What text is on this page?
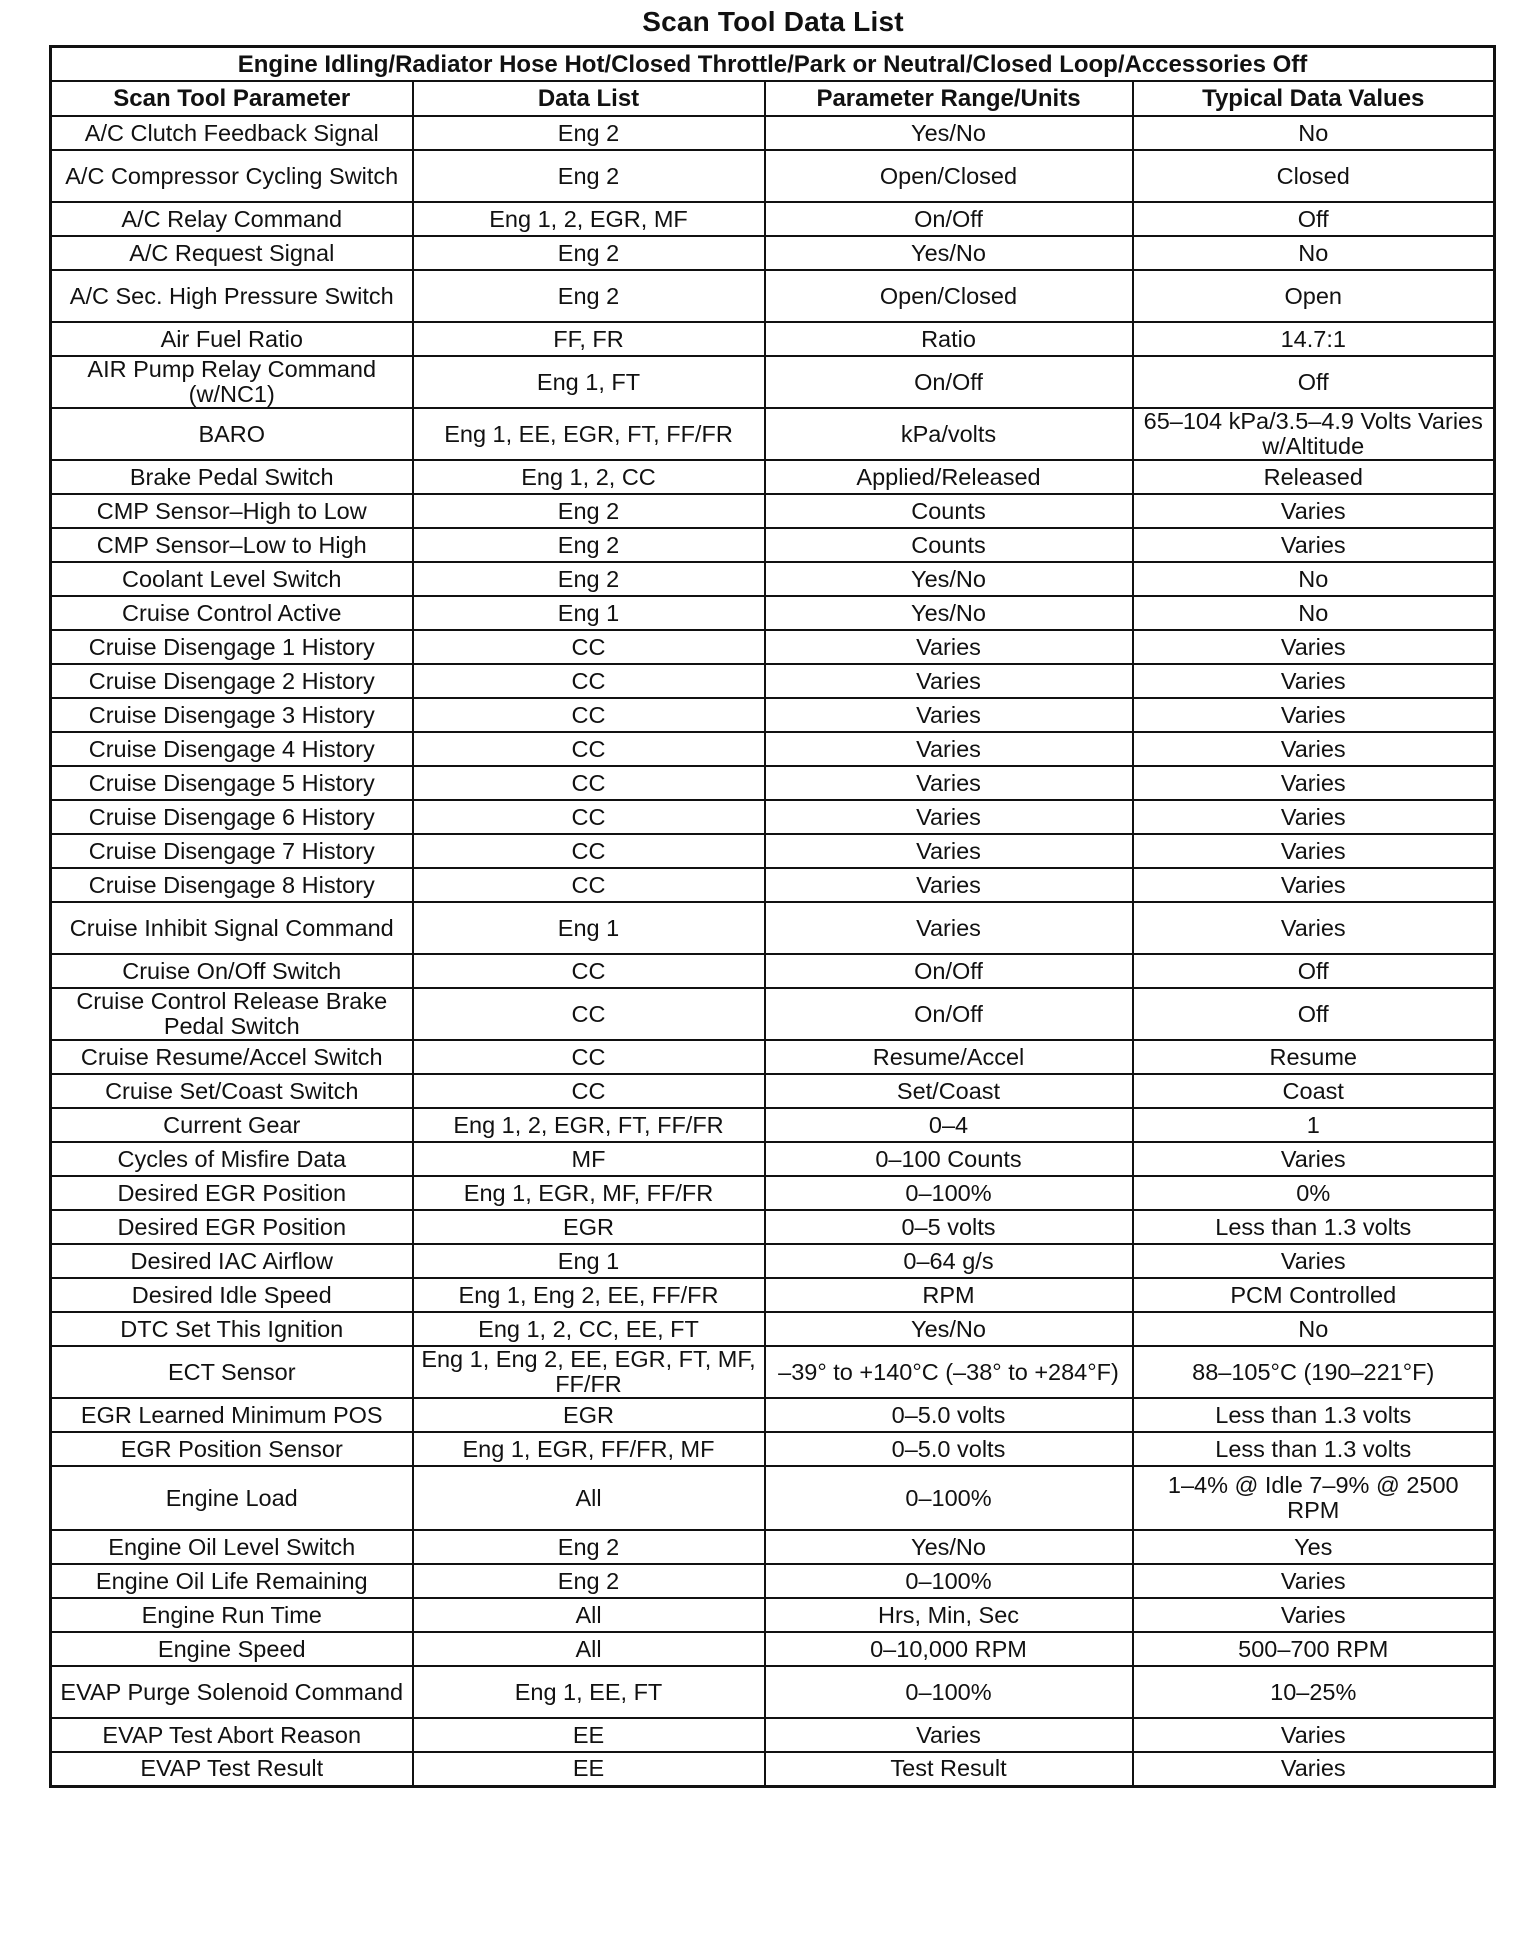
Scan Tool Data List
Engine Idling/Radiator Hose Hot/Closed Throttle/Park or Neutral/Closed Loop/Accessories Off			
Scan Tool Parameter	Data List	Parameter Range/Units	Typical Data Values
A/C Clutch Feedback Signal	Eng 2	Yes/No	No
A/C Compressor Cycling Switch	Eng 2	Open/Closed	Closed
A/C Relay Command	Eng 1, 2, EGR, MF	On/Off	Off
A/C Request Signal	Eng 2	Yes/No	No
A/C Sec. High Pressure Switch	Eng 2	Open/Closed	Open
Air Fuel Ratio	FF, FR	Ratio	14.7:1
AIR Pump Relay Command (w/NC1)	Eng 1, FT	On/Off	Off
BARO	Eng 1, EE, EGR, FT, FF/FR	kPa/volts	65–104 kPa/3.5–4.9 Volts Varies w/Altitude
Brake Pedal Switch	Eng 1, 2, CC	Applied/Released	Released
CMP Sensor–High to Low	Eng 2	Counts	Varies
CMP Sensor–Low to High	Eng 2	Counts	Varies
Coolant Level Switch	Eng 2	Yes/No	No
Cruise Control Active	Eng 1	Yes/No	No
Cruise Disengage 1 History	CC	Varies	Varies
Cruise Disengage 2 History	CC	Varies	Varies
Cruise Disengage 3 History	CC	Varies	Varies
Cruise Disengage 4 History	CC	Varies	Varies
Cruise Disengage 5 History	CC	Varies	Varies
Cruise Disengage 6 History	CC	Varies	Varies
Cruise Disengage 7 History	CC	Varies	Varies
Cruise Disengage 8 History	CC	Varies	Varies
Cruise Inhibit Signal Command	Eng 1	Varies	Varies
Cruise On/Off Switch	CC	On/Off	Off
Cruise Control Release Brake Pedal Switch	CC	On/Off	Off
Cruise Resume/Accel Switch	CC	Resume/Accel	Resume
Cruise Set/Coast Switch	CC	Set/Coast	Coast
Current Gear	Eng 1, 2, EGR, FT, FF/FR	0–4	1
Cycles of Misfire Data	MF	0–100 Counts	Varies
Desired EGR Position	Eng 1, EGR, MF, FF/FR	0–100%	0%
Desired EGR Position	EGR	0–5 volts	Less than 1.3 volts
Desired IAC Airflow	Eng 1	0–64 g/s	Varies
Desired Idle Speed	Eng 1, Eng 2, EE, FF/FR	RPM	PCM Controlled
DTC Set This Ignition	Eng 1, 2, CC, EE, FT	Yes/No	No
ECT Sensor	Eng 1, Eng 2, EE, EGR, FT, MF, FF/FR	–39° to +140°C (–38° to +284°F)	88–105°C (190–221°F)
EGR Learned Minimum POS	EGR	0–5.0 volts	Less than 1.3 volts
EGR Position Sensor	Eng 1, EGR, FF/FR, MF	0–5.0 volts	Less than 1.3 volts
Engine Load	All	0–100%	1–4% @ Idle 7–9% @ 2500 RPM
Engine Oil Level Switch	Eng 2	Yes/No	Yes
Engine Oil Life Remaining	Eng 2	0–100%	Varies
Engine Run Time	All	Hrs, Min, Sec	Varies
Engine Speed	All	0–10,000 RPM	500–700 RPM
EVAP Purge Solenoid Command	Eng 1, EE, FT	0–100%	10–25%
EVAP Test Abort Reason	EE	Varies	Varies
EVAP Test Result	EE	Test Result	Varies
